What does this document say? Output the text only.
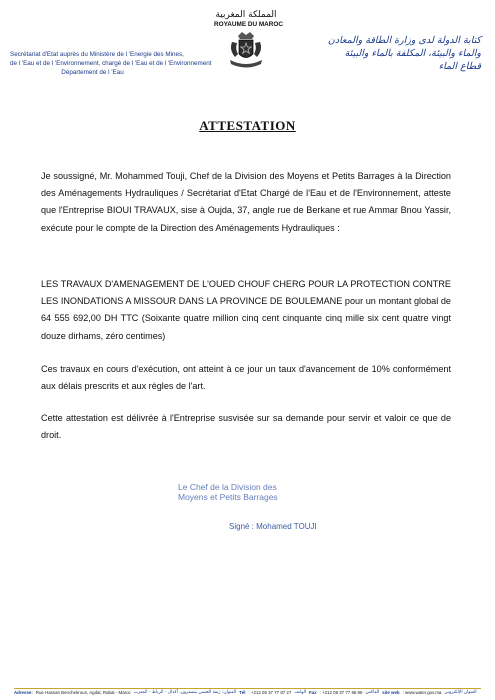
Secrétariat d'Etat auprès du Ministère de l 'Energie des Mines,
de l 'Eau et de l 'Environnement, chargé de l 'Eau et de l 'Environnement
Département de l 'Eau
المملكة المغربية
ROYAUME DU MAROC
كتابة الدولة لدى وزارة الطاقة والمعادن
والماء والبيئة، المكلفة بالماء والبيئة
قطاع الماء
ATTESTATION

Je soussigné, Mr. Mohammed Touji, Chef de la Division des Moyens et Petits Barrages à la Direction des Aménagements Hydrauliques / Secrétariat d'Etat Chargé de l'Eau et de l'Environnement, atteste que l'Entreprise BIOUI TRAVAUX, sise à Oujda, 37, angle rue de Berkane et rue Ammar Bnou Yassir, exécute pour le compte de la Direction des Aménagements Hydrauliques :

LES TRAVAUX D'AMENAGEMENT DE L'OUED CHOUF CHERG POUR LA PROTECTION CONTRE LES INONDATIONS A MISSOUR DANS LA PROVINCE DE BOULEMANE pour un montant global de 64 555 692,00 DH TTC (Soixante quatre million cinq cent cinquante cinq mille six cent quatre vingt douze dirhams, zéro centimes)

Ces travaux en cours d'exécution, ont atteint à ce jour un taux d'avancement de 10% conformément aux délais prescrits et aux règles de l'art.

Cette attestation est délivrée à l'Entreprise susvisée sur sa demande pour servir et valoir ce que de droit.

Le Chef de la Division des
Moyens et Petits Barrages
Signé : Mohamed TOUJI
Adresse: Rue Hassan Benchekroun, Agdal, Rabat - Maroc العنوان: زنقة الحسن بنشقرون، أكدال - الرباط - المغرب Tél : +212 05 37 77 87 27 الهاتف Fax : +212 05 37 77 86 96 الفاكس site web : www.water.gov.ma العنوان الإلكتروني
